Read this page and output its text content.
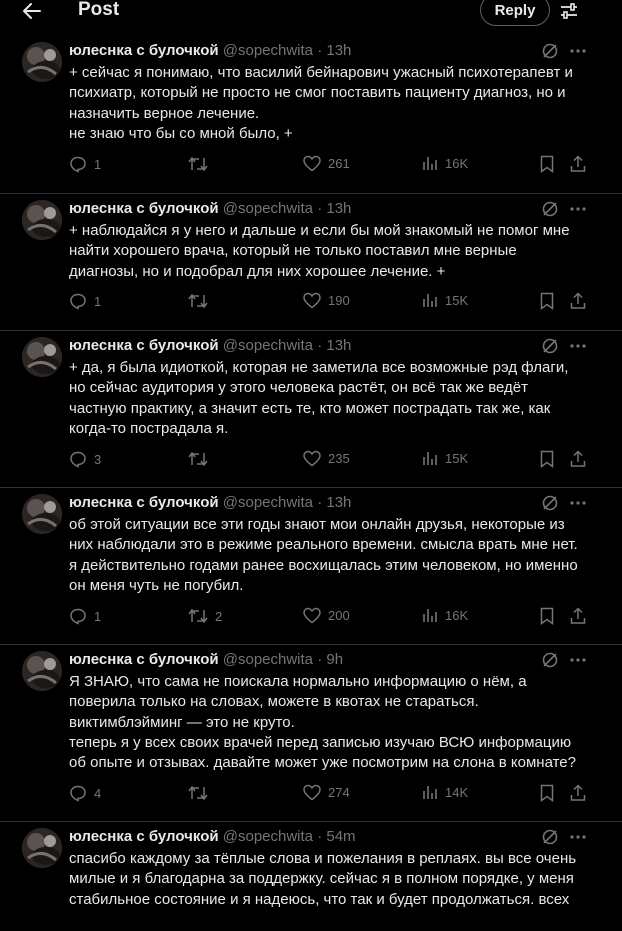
Post	Reply
юлеснка с булочкой @sopechwita · 13h
+ сейчас я понимаю, что василий бейнарович ужасный психотерапевт и психиатр, который не просто не смог поставить пациенту диагноз, но и назначить верное лечение.
не знаю что бы со мной было, +
1	261	16K
юлеснка с булочкой @sopechwita · 13h
+ наблюдайся я у него и дальше и если бы мой знакомый не помог мне найти хорошего врача, который не только поставил мне верные диагнозы, но и подобрал для них хорошее лечение. +
1	190	15K
юлеснка с булочкой @sopechwita · 13h
+ да, я была идиоткой, которая не заметила все возможные рэд флаги, но сейчас аудитория у этого человека растёт, он всё так же ведёт частную практику, а значит есть те, кто может пострадать так же, как когда-то пострадала я.
3	235	15K
юлеснка с булочкой @sopechwita · 13h
об этой ситуации все эти годы знают мои онлайн друзья, некоторые из них наблюдали это в режиме реального времени. смысла врать мне нет. я действительно годами ранее восхищалась этим человеком, но именно он меня чуть не погубил.
1	2	200	16K
юлеснка с булочкой @sopechwita · 9h
Я ЗНАЮ, что сама не поискала нормально информацию о нём, а поверила только на словах, можете в квотах не стараться. виктимблэйминг — это не круто.
теперь я у всех своих врачей перед записью изучаю ВСЮ информацию об опыте и отзывах. давайте может уже посмотрим на слона в комнате?
4	274	14K
юлеснка с булочкой @sopechwita · 54m
спасибо каждому за тёплые слова и пожелания в реплаях. вы все очень милые и я благодарна за поддержку. сейчас я в полном порядке, у меня стабильное состояние и я надеюсь, что так и будет продолжаться. всех
